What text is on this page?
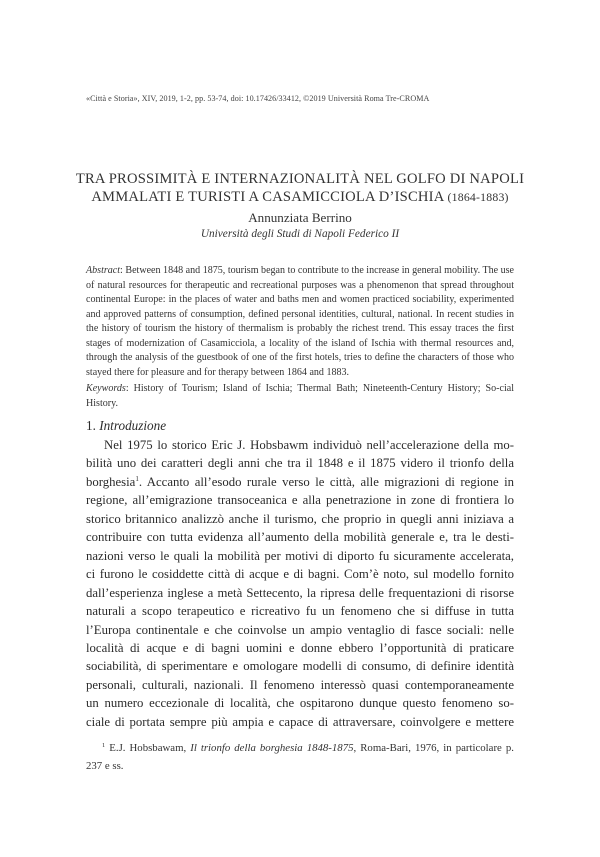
«Città e Storia», XIV, 2019, 1-2, pp. 53-74, doi: 10.17426/33412, ©2019 Università Roma Tre-CROMA
TRA PROSSIMITÀ E INTERNAZIONALITÀ NEL GOLFO DI NAPOLI
AMMALATI E TURISTI A CASAMICCIOLA D’ISCHIA (1864-1883)
Annunziata Berrino
Università degli Studi di Napoli Federico II

Abstract: Between 1848 and 1875, tourism began to contribute to the increase in general mobility. The use of natural resources for therapeutic and recreational purposes was a phenomenon that spread throughout continental Europe: in the places of water and baths men and women practiced sociability, experimented and approved patterns of consumption, defined personal identities, cultural, national. In recent studies in the history of tourism the history of thermalism is probably the richest trend. This essay traces the first stages of modernization of Casamicciola, a locality of the island of Ischia with thermal resources and, through the analysis of the guestbook of one of the first hotels, tries to define the characters of those who stayed there for pleasure and for therapy between 1864 and 1883.

Keywords: History of Tourism; Island of Ischia; Thermal Bath; Nineteenth-Century History; So-cial History.

1. Introduzione
Nel 1975 lo storico Eric J. Hobsbawm individuò nell’accelerazione della mo-
bilità uno dei caratteri degli anni che tra il 1848 e il 1875 videro il trionfo della
borghesia$^1$. Accanto all’esodo rurale verso le città, alle migrazioni di regione in
regione, all’emigrazione transoceanica e alla penetrazione in zone di frontiera lo
storico britannico analizzò anche il turismo, che proprio in quegli anni iniziava a
contribuire con tutta evidenza all’aumento della mobilità generale e, tra le desti-
nazioni verso le quali la mobilità per motivi di diporto fu sicuramente accelerata,
ci furono le cosiddette città di acque e di bagni. Com’è noto, sul modello fornito
dall’esperienza inglese a metà Settecento, la ripresa delle frequentazioni di risorse
naturali a scopo terapeutico e ricreativo fu un fenomeno che si diffuse in tutta
l’Europa continentale e che coinvolse un ampio ventaglio di fasce sociali: nelle
località di acque e di bagni uomini e donne ebbero l’opportunità di praticare
sociabilità, di sperimentare e omologare modelli di consumo, di definire identità
personali, culturali, nazionali. Il fenomeno interessò quasi contemporaneamente
un numero eccezionale di località, che ospitarono dunque questo fenomeno so-
ciale di portata sempre più ampia e capace di attraversare, coinvolgere e mettere
$^1$ E.J. Hobsbawam, Il trionfo della borghesia 1848-1875, Roma-Bari, 1976, in particolare p.
237 e ss.
